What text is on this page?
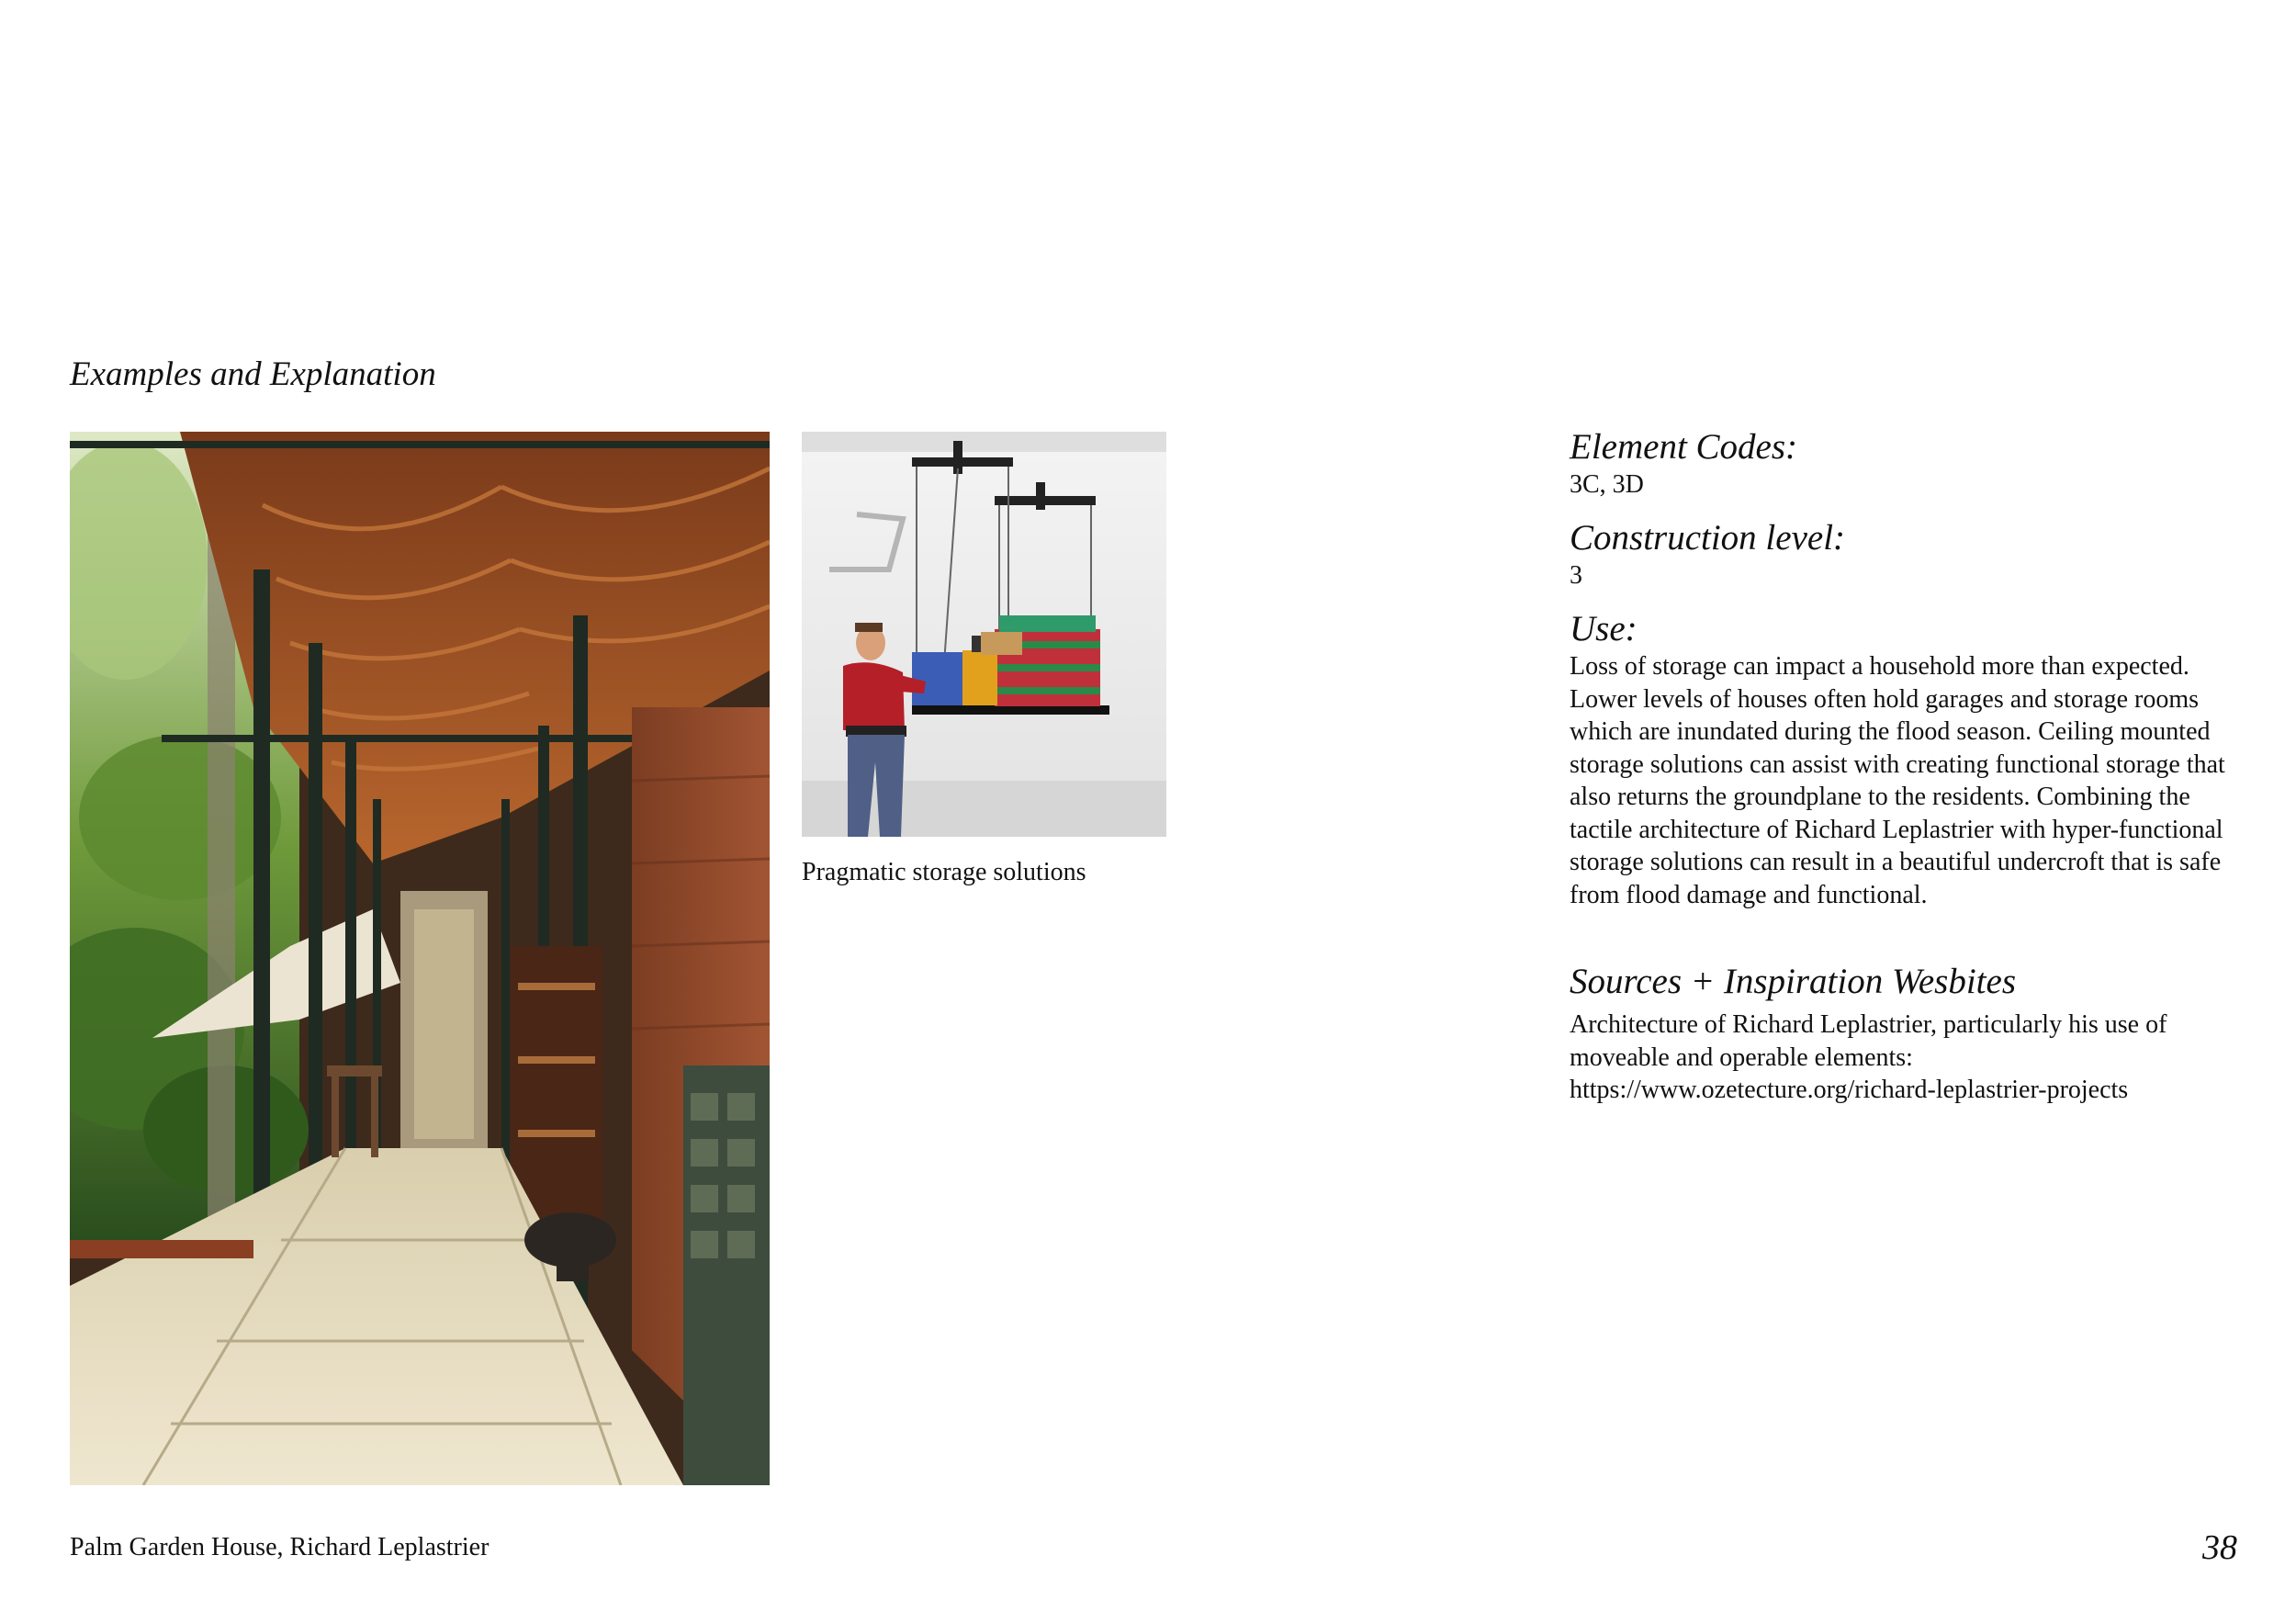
Examples and Explanation
Palm Garden House, Richard Leplastrier
Pragmatic storage solutions

Element Codes:

3C, 3D

Construction level:

3

Use:

Loss of storage can impact a household more than expected. Lower levels of houses often hold garages and storage rooms which are inundated during the flood season. Ceiling mounted storage solutions can assist with creating functional storage that also returns the groundplane to the residents. Combining the tactile architecture of Richard Leplastrier with hyper-functional storage solutions can result in a beautiful undercroft that is safe from flood damage and functional.

Sources + Inspiration Wesbites

Architecture of Richard Leplastrier, particularly his use of moveable and operable elements:

https://www.ozetecture.org/richard-leplastrier-projects

38
